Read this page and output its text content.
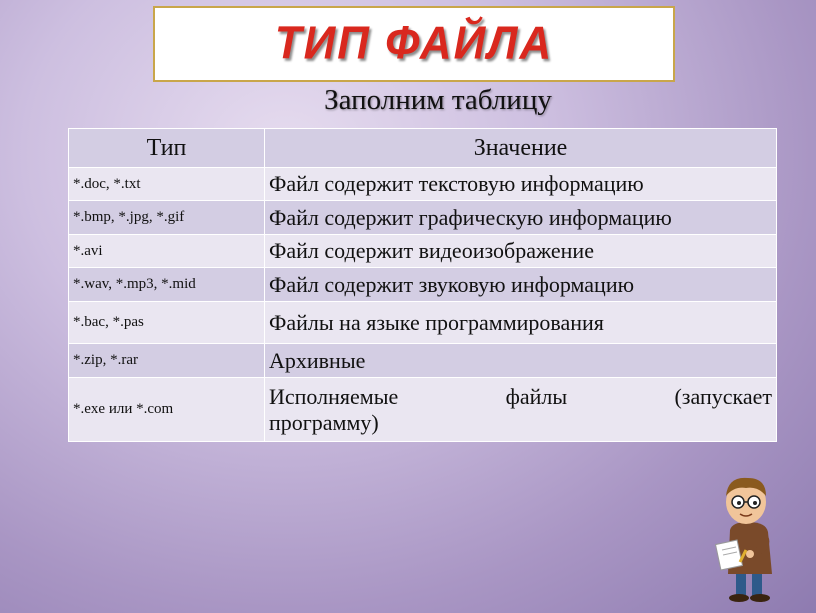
ТИП ФАЙЛА
Заполним таблицу
Тип	Значение
*.doc, *.txt	Файл содержит текстовую информацию
*.bmp, *.jpg, *.gif	Файл содержит графическую информацию
*.avi	Файл содержит видеоизображение
*.wav, *.mp3, *.mid	Файл содержит звуковую информацию
*.bac, *.pas	Файлы на языке программирования
*.zip, *.rar	Архивные
*.exe или *.com	Исполняемые файлы (запускает
программу)
